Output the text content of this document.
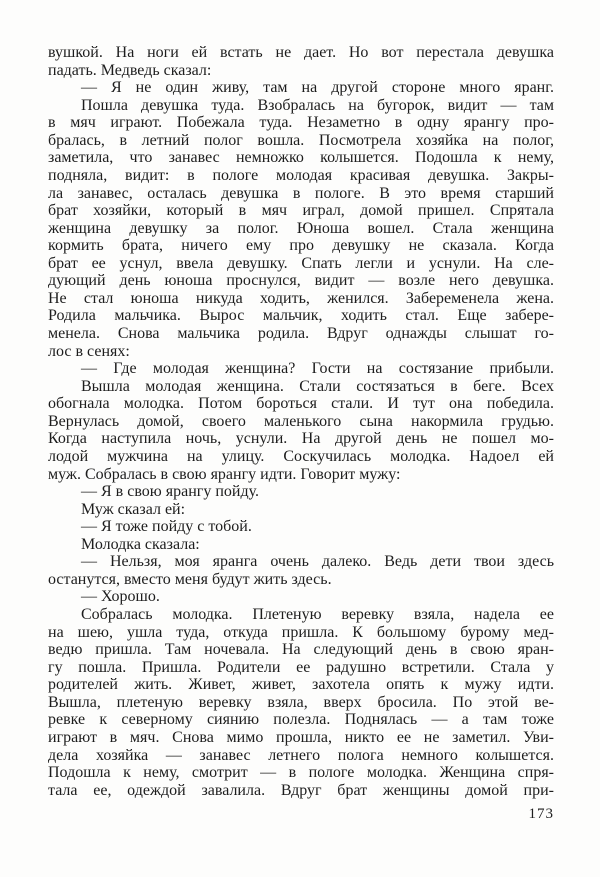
вушкой. На ноги ей встать не дает. Но вот перестала девушка
падать. Медведь сказал:
— Я не один живу, там на другой стороне много яранг.
Пошла девушка туда. Взобралась на бугорок, видит — там
в мяч играют. Побежала туда. Незаметно в одну ярангу про-
бралась, в летний полог вошла. Посмотрела хозяйка на полог,
заметила, что занавес немножко колышется. Подошла к нему,
подняла, видит: в пологе молодая красивая девушка. Закры-
ла занавес, осталась девушка в пологе. В это время старший
брат хозяйки, который в мяч играл, домой пришел. Спрятала
женщина девушку за полог. Юноша вошел. Стала женщина
кормить брата, ничего ему про девушку не сказала. Когда
брат ее уснул, ввела девушку. Спать легли и уснули. На сле-
дующий день юноша проснулся, видит — возле него девушка.
Не стал юноша никуда ходить, женился. Забеременела жена.
Родила мальчика. Вырос мальчик, ходить стал. Еще забере-
менела. Снова мальчика родила. Вдруг однажды слышат го-
лос в сенях:
— Где молодая женщина? Гости на состязание прибыли.
Вышла молодая женщина. Стали состязаться в беге. Всех
обогнала молодка. Потом бороться стали. И тут она победила.
Вернулась домой, своего маленького сына накормила грудью.
Когда наступила ночь, уснули. На другой день не пошел мо-
лодой мужчина на улицу. Соскучилась молодка. Надоел ей
муж. Собралась в свою ярангу идти. Говорит мужу:
— Я в свою ярангу пойду.
Муж сказал ей:
— Я тоже пойду с тобой.
Молодка сказала:
— Нельзя, моя яранга очень далеко. Ведь дети твои здесь
останутся, вместо меня будут жить здесь.
— Хорошо.
Собралась молодка. Плетеную веревку взяла, надела ее
на шею, ушла туда, откуда пришла. К большому бурому мед-
ведю пришла. Там ночевала. На следующий день в свою яран-
гу пошла. Пришла. Родители ее радушно встретили. Стала у
родителей жить. Живет, живет, захотела опять к мужу идти.
Вышла, плетеную веревку взяла, вверх бросила. По этой ве-
ревке к северному сиянию полезла. Поднялась — а там тоже
играют в мяч. Снова мимо прошла, никто ее не заметил. Уви-
дела хозяйка — занавес летнего полога немного колышется.
Подошла к нему, смотрит — в пологе молодка. Женщина спря-
тала ее, одеждой завалила. Вдруг брат женщины домой при-
173
